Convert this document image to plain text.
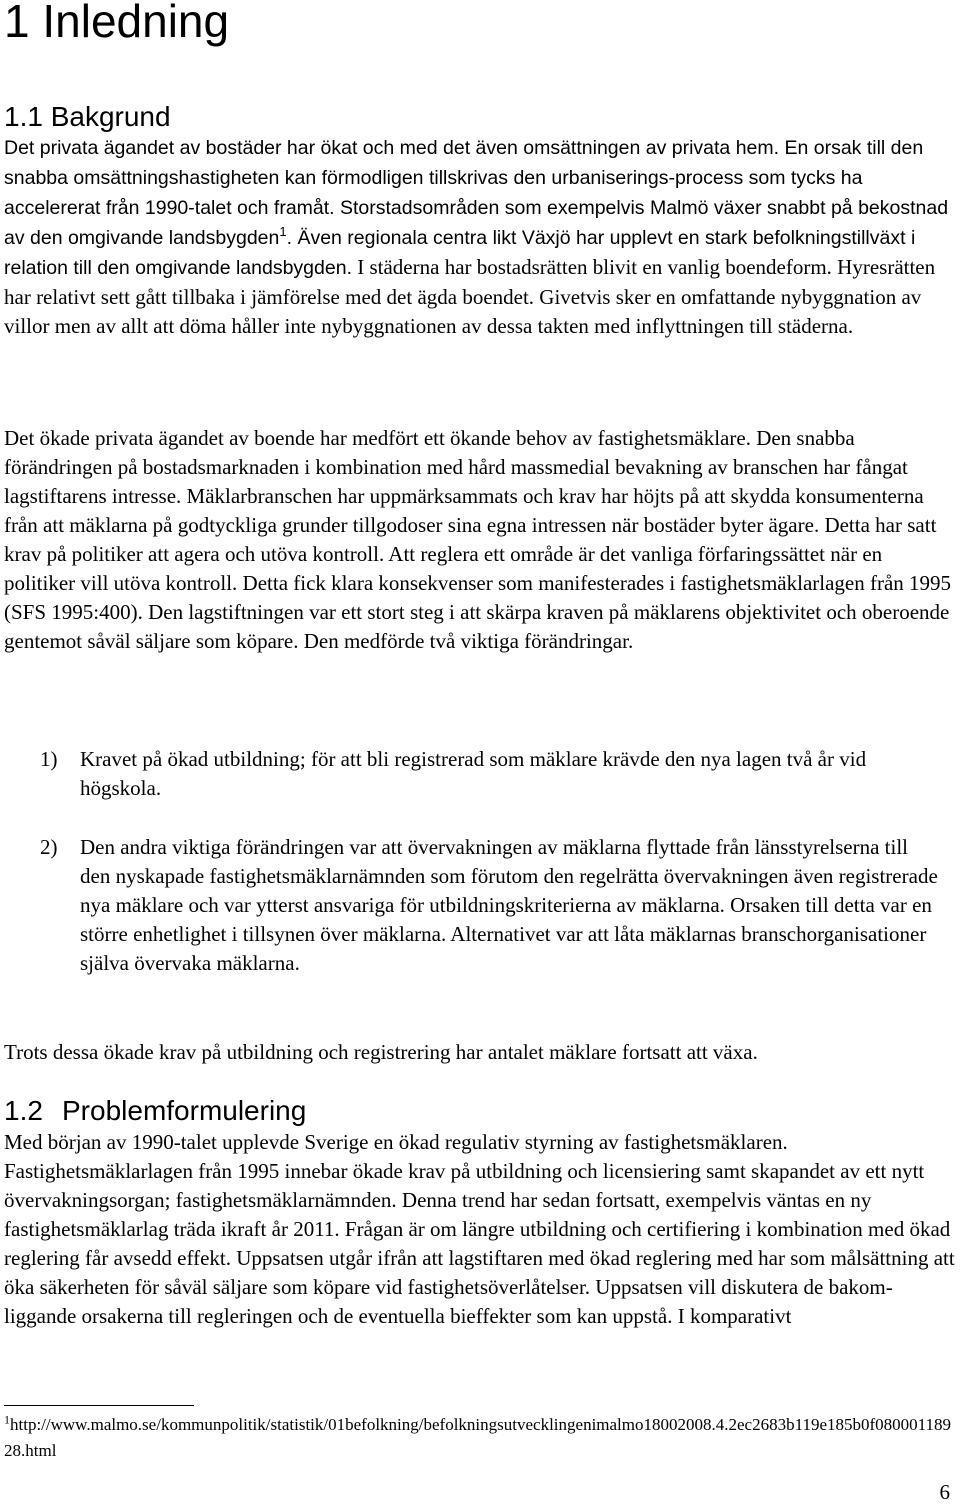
1 Inledning
1.1 Bakgrund

Det privata ägandet av bostäder har ökat och med det även omsättningen av privata hem. En orsak till den snabba omsättningshastigheten kan förmodligen tillskrivas den urbaniserings-process som tycks ha accelererat från 1990-talet och framåt. Storstadsområden som exempelvis Malmö växer snabbt på bekostnad av den omgivande landsbygden$^1$. Även regionala centra likt Växjö har upplevt en stark befolkningstillväxt i relation till den omgivande landsbygden. I städerna har bostadsrätten blivit en vanlig boendeform. Hyresrätten har relativt sett gått tillbaka i jämförelse med det ägda boendet. Givetvis sker en omfattande nybyggnation av villor men av allt att döma håller inte nybyggnationen av dessa takten med inflyttningen till städerna.

Det ökade privata ägandet av boende har medfört ett ökande behov av fastighetsmäklare. Den snabba förändringen på bostadsmarknaden i kombination med hård massmedial bevakning av branschen har fångat lagstiftarens intresse. Mäklarbranschen har uppmärksammats och krav har höjts på att skydda konsumenterna från att mäklarna på godtyckliga grunder tillgodoser sina egna intressen när bostäder byter ägare. Detta har satt krav på politiker att agera och utöva kontroll. Att reglera ett område är det vanliga förfaringssättet när en politiker vill utöva kontroll. Detta fick klara konsekvenser som manifesterades i fastighetsmäklarlagen från 1995 (SFS 1995:400). Den lagstiftningen var ett stort steg i att skärpa kraven på mäklarens objektivitet och oberoende gentemot såväl säljare som köpare. Den medförde två viktiga förändringar.

1) Kravet på ökad utbildning; för att bli registrerad som mäklare krävde den nya lagen två år vid högskola.
2) Den andra viktiga förändringen var att övervakningen av mäklarna flyttade från länsstyrelserna till den nyskapade fastighetsmäklarnämnden som förutom den regelrätta övervakningen även registrerade nya mäklare och var ytterst ansvariga för utbildningskriterierna av mäklarna. Orsaken till detta var en större enhetlighet i tillsynen över mäklarna. Alternativet var att låta mäklarnas branschorganisationer själva övervaka mäklarna.

Trots dessa ökade krav på utbildning och registrering har antalet mäklare fortsatt att växa.

1.2 Problemformulering

Med början av 1990-talet upplevde Sverige en ökad regulativ styrning av fastighetsmäklaren. Fastighetsmäklarlagen från 1995 innebar ökade krav på utbildning och licensiering samt skapandet av ett nytt övervakningsorgan; fastighetsmäklarnämnden. Denna trend har sedan fortsatt, exempelvis väntas en ny fastighetsmäklarlag träda ikraft år 2011. Frågan är om längre utbildning och certifiering i kombination med ökad reglering får avsedd effekt. Uppsatsen utgår ifrån att lagstiftaren med ökad reglering med har som målsättning att öka säkerheten för såväl säljare som köpare vid fastighetsöverlåtelser. Uppsatsen vill diskutera de bakom-liggande orsakerna till regleringen och de eventuella bieffekter som kan uppstå. I komparativt

$^1$http://www.malmo.se/kommunpolitik/statistik/01befolkning/befolkningsutvecklingenimalmo18002008.4.2ec2683b119e185b0f08000118928.html

6
